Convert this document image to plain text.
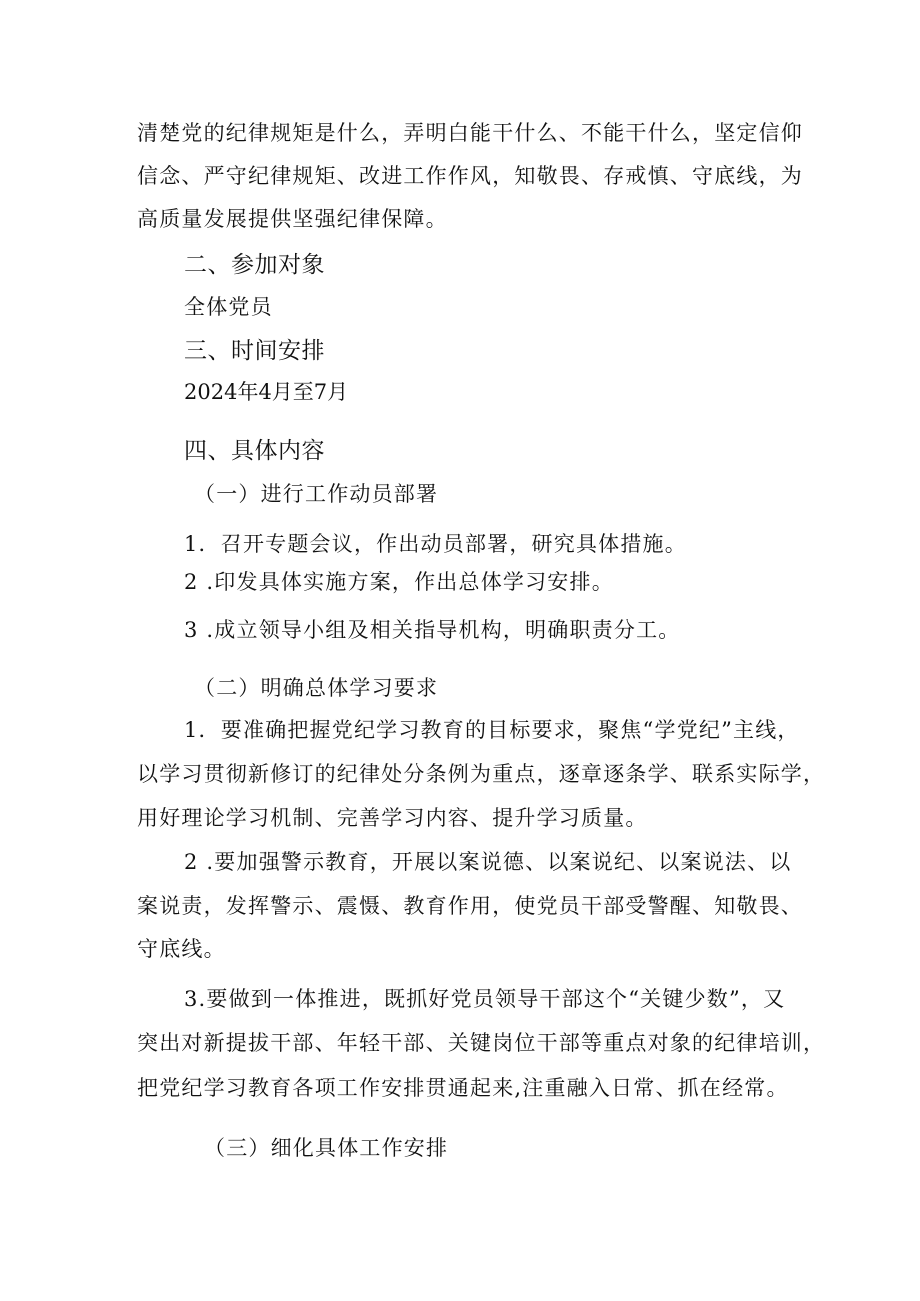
清楚党的纪律规矩是什么，弄明白能干什么、不能干什么，坚定信仰
信念、严守纪律规矩、改进工作作风，知敬畏、存戒慎、守底线，为
高质量发展提供坚强纪律保障。
二、参加对象
全体党员
三、时间安排
2024年4月至7月
四、具体内容
（一）进行工作动员部署
1．召开专题会议，作出动员部署，研究具体措施。
2 .印发具体实施方案，作出总体学习安排。
3 .成立领导小组及相关指导机构，明确职责分工。
（二）明确总体学习要求
1．要准确把握党纪学习教育的目标要求，聚焦“学党纪”主线，
以学习贯彻新修订的纪律处分条例为重点，逐章逐条学、联系实际学，
用好理论学习机制、完善学习内容、提升学习质量。
2 .要加强警示教育，开展以案说德、以案说纪、以案说法、以
案说责，发挥警示、震慑、教育作用，使党员干部受警醒、知敬畏、
守底线。
3.要做到一体推进，既抓好党员领导干部这个“关键少数”，又
突出对新提拔干部、年轻干部、关键岗位干部等重点对象的纪律培训，
把党纪学习教育各项工作安排贯通起来,注重融入日常、抓在经常。
（三）细化具体工作安排
